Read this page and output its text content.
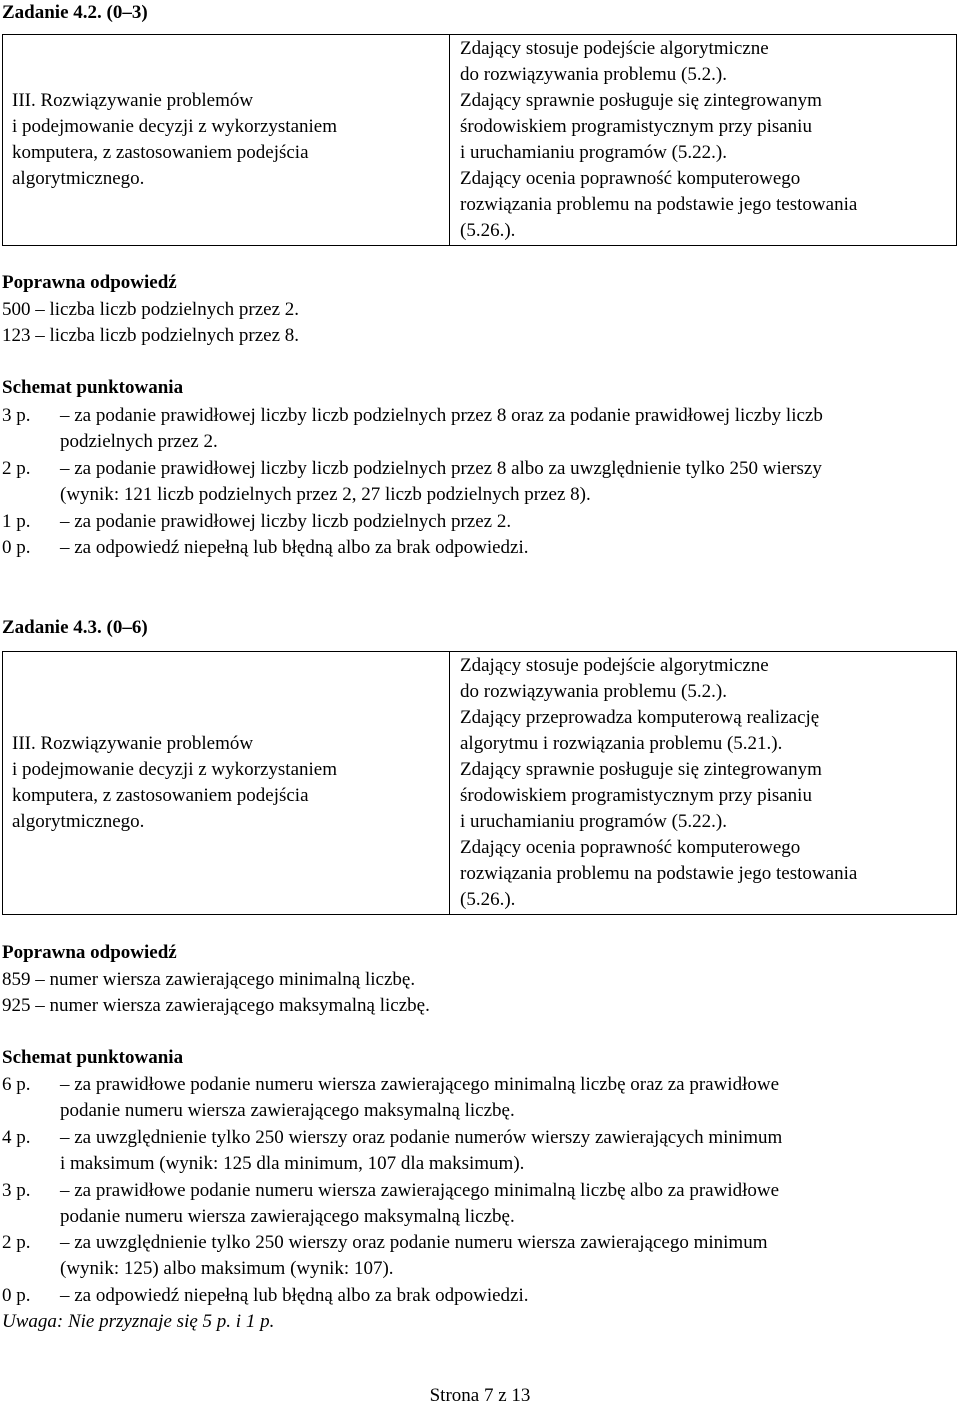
Zadanie 4.2. (0–3)
III. Rozwiązywanie problemów
i podejmowanie decyzji z wykorzystaniem
komputera, z zastosowaniem podejścia
algorytmicznego.

Zdający stosuje podejście algorytmiczne
do rozwiązywania problemu (5.2.).
Zdający sprawnie posługuje się zintegrowanym
środowiskiem programistycznym przy pisaniu
i uruchamianiu programów (5.22.).
Zdający ocenia poprawność komputerowego
rozwiązania problemu na podstawie jego testowania
(5.26.).
Poprawna odpowiedź
500 – liczba liczb podzielnych przez 2.
123 – liczba liczb podzielnych przez 8.
Schemat punktowania
3 p. – za podanie prawidłowej liczby liczb podzielnych przez 8 oraz za podanie prawidłowej liczby liczb
podzielnych przez 2.
2 p. – za podanie prawidłowej liczby liczb podzielnych przez 8 albo za uwzględnienie tylko 250 wierszy
(wynik: 121 liczb podzielnych przez 2, 27 liczb podzielnych przez 8).
1 p. – za podanie prawidłowej liczby liczb podzielnych przez 2.
0 p. – za odpowiedź niepełną lub błędną albo za brak odpowiedzi.
Zadanie 4.3. (0–6)
III. Rozwiązywanie problemów
i podejmowanie decyzji z wykorzystaniem
komputera, z zastosowaniem podejścia
algorytmicznego.

Zdający stosuje podejście algorytmiczne
do rozwiązywania problemu (5.2.).
Zdający przeprowadza komputerową realizację
algorytmu i rozwiązania problemu (5.21.).
Zdający sprawnie posługuje się zintegrowanym
środowiskiem programistycznym przy pisaniu
i uruchamianiu programów (5.22.).
Zdający ocenia poprawność komputerowego
rozwiązania problemu na podstawie jego testowania
(5.26.).
Poprawna odpowiedź
859 – numer wiersza zawierającego minimalną liczbę.
925 – numer wiersza zawierającego maksymalną liczbę.
Schemat punktowania
6 p. – za prawidłowe podanie numeru wiersza zawierającego minimalną liczbę oraz za prawidłowe
podanie numeru wiersza zawierającego maksymalną liczbę.
4 p. – za uwzględnienie tylko 250 wierszy oraz podanie numerów wierszy zawierających minimum
i maksimum (wynik: 125 dla minimum, 107 dla maksimum).
3 p. – za prawidłowe podanie numeru wiersza zawierającego minimalną liczbę albo za prawidłowe
podanie numeru wiersza zawierającego maksymalną liczbę.
2 p. – za uwzględnienie tylko 250 wierszy oraz podanie numeru wiersza zawierającego minimum
(wynik: 125) albo maksimum (wynik: 107).
0 p. – za odpowiedź niepełną lub błędną albo za brak odpowiedzi.
Uwaga: Nie przyznaje się 5 p. i 1 p.
Strona 7 z 13
